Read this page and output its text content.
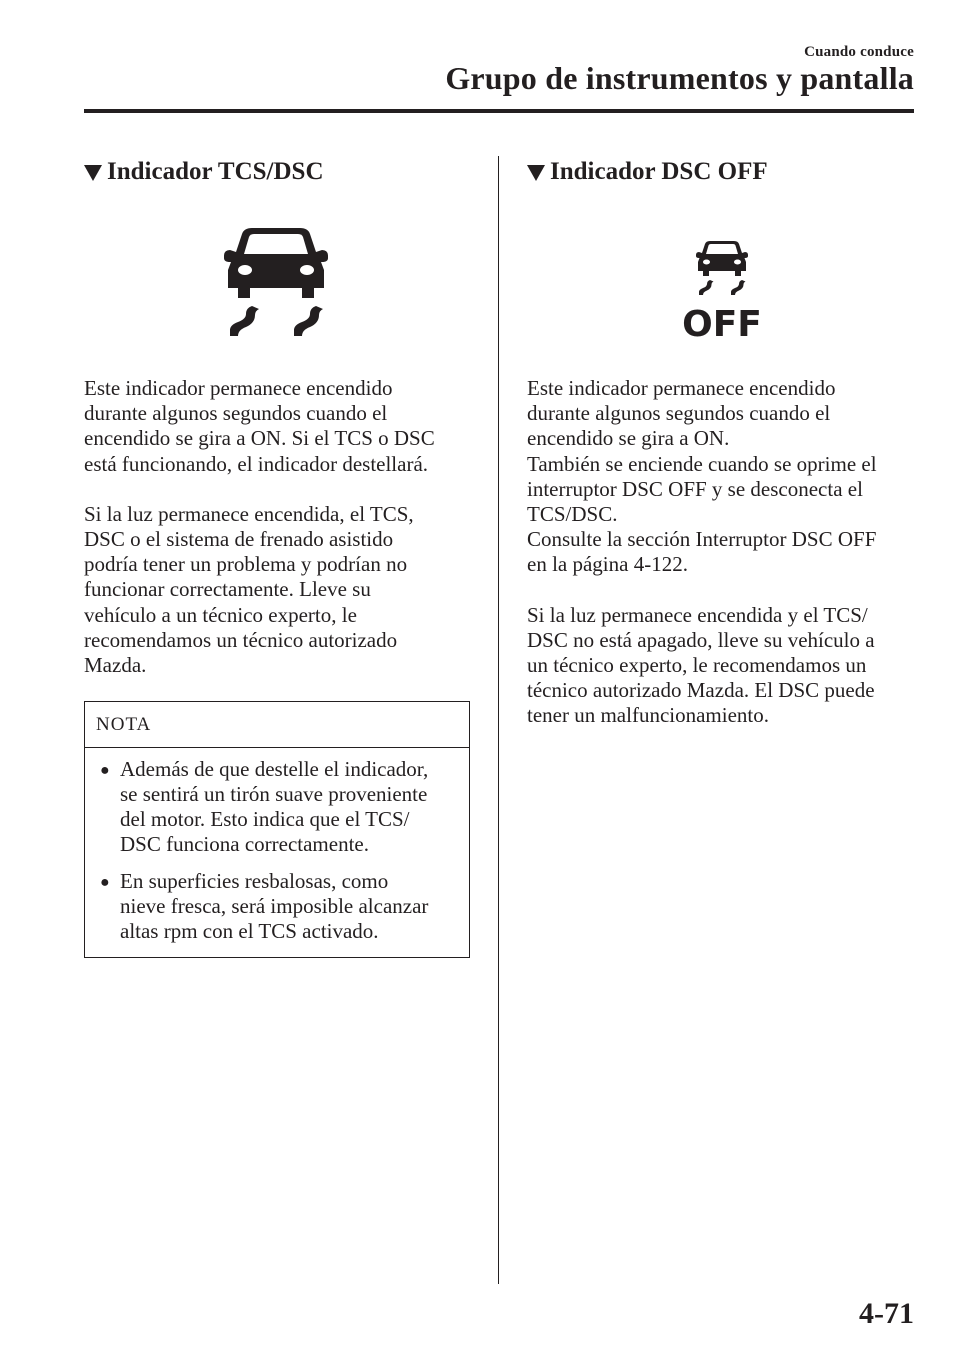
Cuando conduce
Grupo de instrumentos y pantalla
Indicador TCS/DSC

Este indicador permanece encendido
durante algunos segundos cuando el
encendido se gira a ON. Si el TCS o DSC
está funcionando, el indicador destellará.

Si la luz permanece encendida, el TCS,
DSC o el sistema de frenado asistido
podría tener un problema y podrían no
funcionar correctamente. Lleve su
vehículo a un técnico experto, le
recomendamos un técnico autorizado
Mazda.

NOTA
● Además de que destelle el indicador,
se sentirá un tirón suave proveniente
del motor. Esto indica que el TCS/
DSC funciona correctamente.
● En superficies resbalosas, como
nieve fresca, será imposible alcanzar
altas rpm con el TCS activado.
Indicador DSC OFF
OFF

Este indicador permanece encendido
durante algunos segundos cuando el
encendido se gira a ON.
También se enciende cuando se oprime el
interruptor DSC OFF y se desconecta el
TCS/DSC.
Consulte la sección Interruptor DSC OFF
en la página 4-122.

Si la luz permanece encendida y el TCS/
DSC no está apagado, lleve su vehículo a
un técnico experto, le recomendamos un
técnico autorizado Mazda. El DSC puede
tener un malfuncionamiento.

4-71
